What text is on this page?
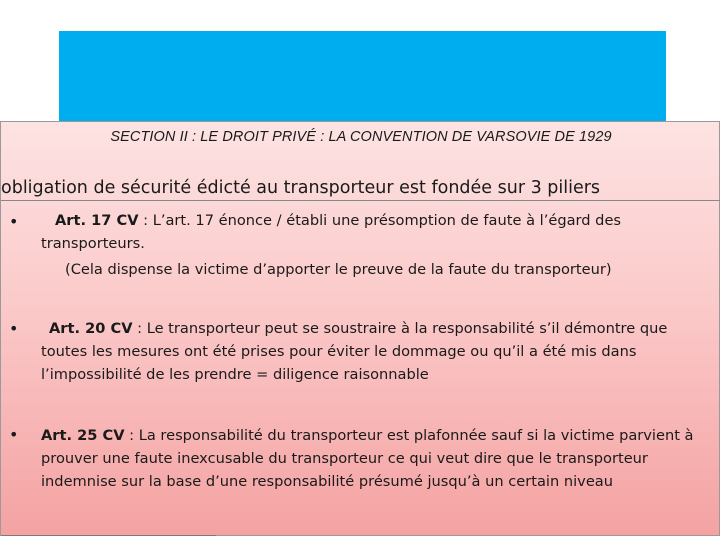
SECTION II : LE DROIT PRIVÉ : LA CONVENTION DE VARSOVIE DE 1929
obligation de sécurité édicté au transporteur est fondée sur 3 piliers
•	Art. 17 CV : L’art. 17 énonce / établi une présomption de faute à l’égard des transporteurs.
(Cela dispense la victime d’apporter le preuve de la faute du transporteur)
•	Art. 20 CV : Le transporteur peut se soustraire à la responsabilité s’il démontre que toutes les mesures ont été prises pour éviter le dommage ou qu’il a été mis dans l’impossibilité de les prendre = diligence raisonnable
• Art. 25 CV : La responsabilité du transporteur est plafonnée sauf si la victime parvient à prouver une faute inexcusable du transporteur ce qui veut dire que le transporteur indemnise sur la base d’une responsabilité présumé jusqu’à un certain niveau
